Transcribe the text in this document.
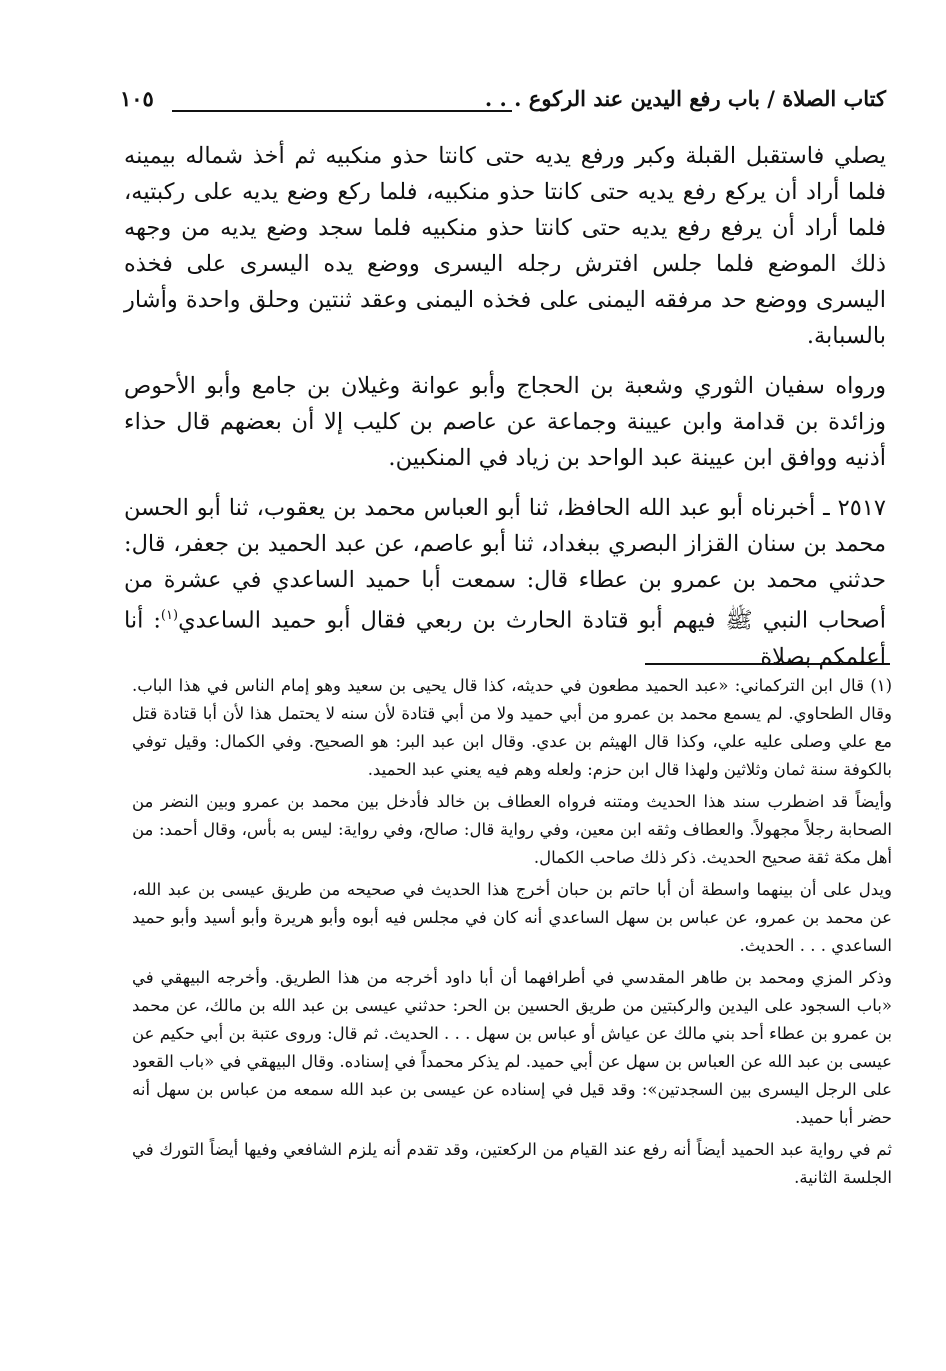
كتاب الصلاة / باب رفع اليدين عند الركوع . . .
١٠٥

يصلي فاستقبل القبلة وكبر ورفع يديه حتى كانتا حذو منكبيه ثم أخذ شماله بيمينه فلما أراد أن يركع رفع يديه حتى كانتا حذو منكبيه، فلما ركع وضع يديه على ركبتيه، فلما أراد أن يرفع رفع يديه حتى كانتا حذو منكبيه فلما سجد وضع يديه من وجهه ذلك الموضع فلما جلس افترش رجله اليسرى ووضع يده اليسرى على فخذه اليسرى ووضع حد مرفقه اليمنى على فخذه اليمنى وعقد ثنتين وحلق واحدة وأشار بالسبابة.

ورواه سفيان الثوري وشعبة بن الحجاج وأبو عوانة وغيلان بن جامع وأبو الأحوص وزائدة بن قدامة وابن عيينة وجماعة عن عاصم بن كليب إلا أن بعضهم قال حذاء أذنيه ووافق ابن عيينة عبد الواحد بن زياد في المنكبين.

٢٥١٧ ـ أخبرناه أبو عبد الله الحافظ، ثنا أبو العباس محمد بن يعقوب، ثنا أبو الحسن محمد بن سنان القزاز البصري ببغداد، ثنا أبو عاصم، عن عبد الحميد بن جعفر، قال: حدثني محمد بن عمرو بن عطاء قال: سمعت أبا حميد الساعدي في عشرة من أصحاب النبي ﷺ فيهم أبو قتادة الحارث بن ربعي فقال أبو حميد الساعدي$^{(١)}$: أنا أعلمكم بصلاة

(١) قال ابن التركماني: «عبد الحميد مطعون في حديثه، كذا قال يحيى بن سعيد وهو إمام الناس في هذا الباب. وقال الطحاوي. لم يسمع محمد بن عمرو من أبي حميد ولا من أبي قتادة لأن سنه لا يحتمل هذا لأن أبا قتادة قتل مع علي وصلى عليه علي، وكذا قال الهيثم بن عدي. وقال ابن عبد البر: هو الصحيح. وفي الكمال: وقيل توفي بالكوفة سنة ثمان وثلاثين ولهذا قال ابن حزم: ولعله وهم فيه يعني عبد الحميد.

وأيضاً قد اضطرب سند هذا الحديث ومتنه فرواه العطاف بن خالد فأدخل بين محمد بن عمرو وبين النضر من الصحابة رجلاً مجهولاً. والعطاف وثقه ابن معين، وفي رواية قال: صالح، وفي رواية: ليس به بأس، وقال أحمد: من أهل مكة ثقة صحيح الحديث. ذكر ذلك صاحب الكمال.

ويدل على أن بينهما واسطة أن أبا حاتم بن حبان أخرج هذا الحديث في صحيحه من طريق عيسى بن عبد الله، عن محمد بن عمرو، عن عباس بن سهل الساعدي أنه كان في مجلس فيه أبوه وأبو هريرة وأبو أسيد وأبو حميد الساعدي . . . الحديث.

وذكر المزي ومحمد بن طاهر المقدسي في أطرافهما أن أبا داود أخرجه من هذا الطريق. وأخرجه البيهقي في «باب السجود على اليدين والركبتين من طريق الحسين بن الحر: حدثني عيسى بن عبد الله بن مالك، عن محمد بن عمرو بن عطاء أحد بني مالك عن عياش أو عباس بن سهل . . . الحديث. ثم قال: وروى عتبة بن أبي حكيم عن عيسى بن عبد الله عن العباس بن سهل عن أبي حميد. لم يذكر محمداً في إسناده. وقال البيهقي في «باب القعود على الرجل اليسرى بين السجدتين»: وقد قيل في إسناده عن عيسى بن عبد الله سمعه من عباس بن سهل أنه حضر أبا حميد.

ثم في رواية عبد الحميد أيضاً أنه رفع عند القيام من الركعتين، وقد تقدم أنه يلزم الشافعي وفيها أيضاً التورك في الجلسة الثانية.
